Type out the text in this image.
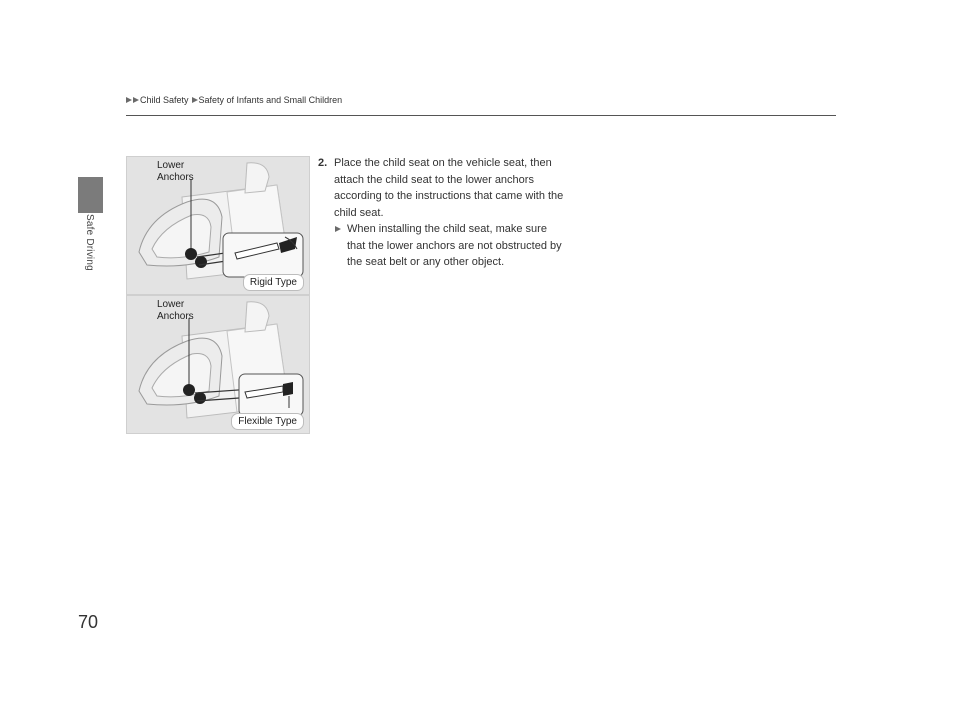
Child Safety Safety of Infants and Small Children
Safe Driving
Lower
Anchors
Rigid Type
Lower
Anchors
Flexible Type
2. Place the child seat on the vehicle seat, then attach the child seat to the lower anchors according to the instructions that came with the child seat.
When installing the child seat, make sure that the lower anchors are not obstructed by the seat belt or any other object.
70
